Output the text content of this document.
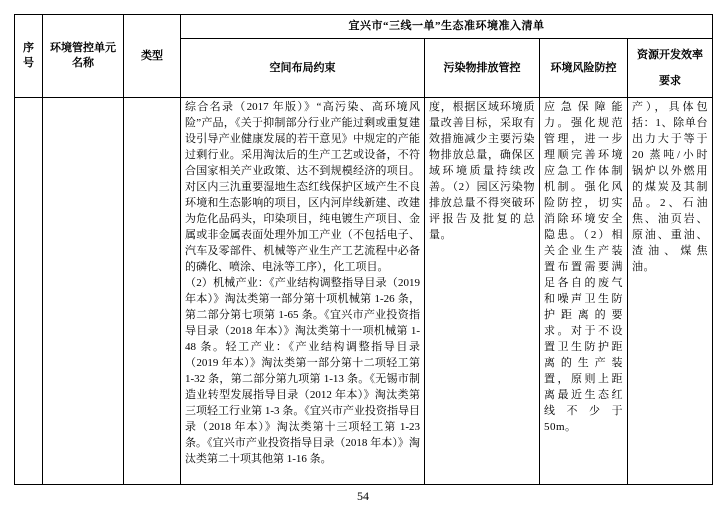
序号	环境管控单元名称	类型	宜兴市“三线一单”生态准环境准入清单			
			空间布局约束	污染物排放管控	环境风险防控	资源开发效率要求

			综合名录（2017 年版）》“高污染、高环境风险”产品，《关于抑制部分行业产能过剩或重复建设引导产业健康发展的若干意见》中规定的产能过剩行业。采用淘汰后的生产工艺或设备，不符合国家相关产业政策、达不到规模经济的项目。对区内三氿重要湿地生态红线保护区域产生不良环境和生态影响的项目，区内河岸线新建、改建为危化品码头，印染项目，纯电镀生产项目、金属或非金属表面处理外加工产业（不包括电子、汽车及零部件、机械等产业生产工艺流程中必备的磷化、喷涂、电泳等工序），化工项目。

（2）机械产业：《产业结构调整指导目录（2019 年本）》淘汰类第一部分第十项机械第 1-26 条，第二部分第七项第 1-65 条。《宜兴市产业投资指导目录（2018 年本）》淘汰类第十一项机械第 1-48 条。轻工产业：《产业结构调整指导目录（2019 年本）》淘汰类第一部分第十二项轻工第 1-32 条，第二部分第九项第 1-13 条。《无锡市制造业转型发展指导目录（2012 年本）》淘汰类第三项轻工行业第 1-3 条。《宜兴市产业投资指导目录（2018 年本）》淘汰类第十三项轻工第 1-23 条。《宜兴市产业投资指导目录（2018 年本）》淘汰类第二十项其他第 1-16 条。	度，根据区域环境质量改善目标，采取有效措施减少主要污染物排放总量，确保区域环境质量持续改善。（2）园区污染物排放总量不得突破环评报告及批复的总量。	应急保障能力。强化规范管理，进一步理顺完善环境应急工作体制机制。强化风险防控，切实消除环境安全隐患。（2）相关企业生产装置布置需要满足各自的废气和噪声卫生防护距离的要求。对于不设置卫生防护距离的生产装置，原则上距离最近生态红线不少于 50m。	产），具体包括：1、除单台出力大于等于 20 蒸吨/小时锅炉以外燃用的煤炭及其制品。2、石油焦、油页岩、原油、重油、渣油、煤焦油。
54
